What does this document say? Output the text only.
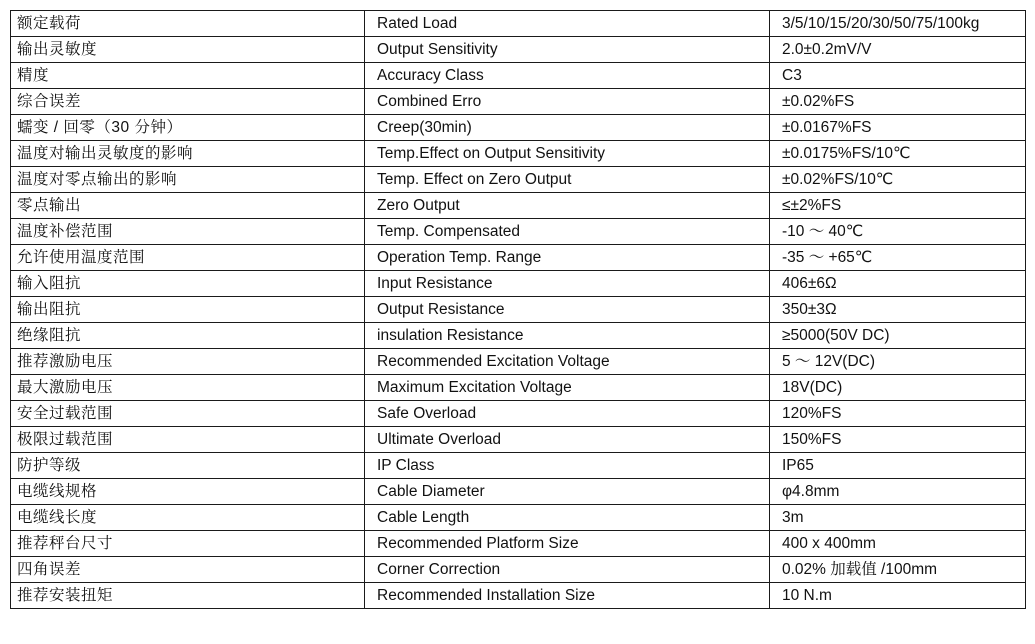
额定载荷	Rated Load	3/5/10/15/20/30/50/75/100kg
输出灵敏度	Output Sensitivity	2.0±0.2mV/V
精度	Accuracy Class	C3
综合误差	Combined Erro	±0.02%FS
蠕变 / 回零（30 分钟）	Creep(30min)	±0.0167%FS
温度对输出灵敏度的影响	Temp.Effect on Output Sensitivity	±0.0175%FS/10℃
温度对零点输出的影响	Temp. Effect on Zero Output	±0.02%FS/10℃
零点输出	Zero Output	≤±2%FS
温度补偿范围	Temp. Compensated	-10 ～ 40℃
允许使用温度范围	Operation Temp. Range	-35 ～ +65℃
输入阻抗	Input Resistance	406±6Ω
输出阻抗	Output Resistance	350±3Ω
绝缘阻抗	insulation Resistance	≥5000(50V DC)
推荐激励电压	Recommended Excitation Voltage	5 ～ 12V(DC)
最大激励电压	Maximum Excitation Voltage	18V(DC)
安全过载范围	Safe Overload	120%FS
极限过载范围	Ultimate Overload	150%FS
防护等级	IP Class	IP65
电缆线规格	Cable Diameter	φ4.8mm
电缆线长度	Cable Length	3m
推荐秤台尺寸	Recommended Platform Size	400 x 400mm
四角误差	Corner Correction	0.02% 加载值 /100mm
推荐安装扭矩	Recommended Installation Size	10 N.m
